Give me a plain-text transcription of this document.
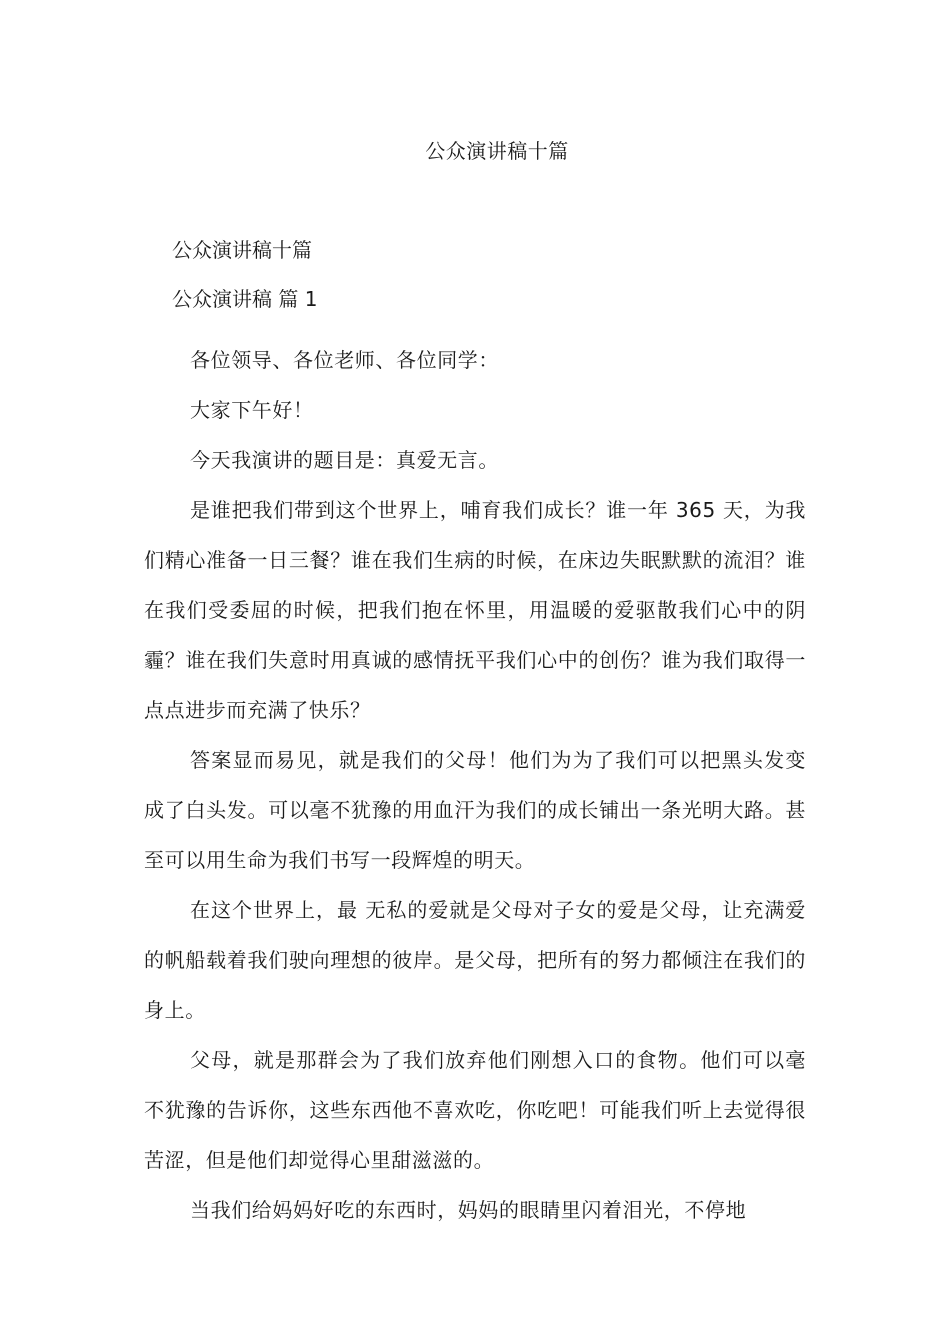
公众演讲稿十篇
公众演讲稿十篇
公众演讲稿 篇 1

各位领导、各位老师、各位同学：

大家下午好！

今天我演讲的题目是：真爱无言。

是谁把我们带到这个世界上，哺育我们成长？谁一年 365 天，为我们精心准备一日三餐？谁在我们生病的时候，在床边失眠默默的流泪？谁在我们受委屈的时候，把我们抱在怀里，用温暖的爱驱散我们心中的阴霾？谁在我们失意时用真诚的感情抚平我们心中的创伤？谁为我们取得一点点进步而充满了快乐？

答案显而易见，就是我们的父母！他们为为了我们可以把黑头发变成了白头发。可以毫不犹豫的用血汗为我们的成长铺出一条光明大路。甚至可以用生命为我们书写一段辉煌的明天。

在这个世界上，最 无私的爱就是父母对子女的爱是父母，让充满爱的帆船载着我们驶向理想的彼岸。是父母，把所有的努力都倾注在我们的身上。

父母，就是那群会为了我们放弃他们刚想入口的食物。他们可以毫不犹豫的告诉你，这些东西他不喜欢吃，你吃吧！可能我们听上去觉得很苦涩，但是他们却觉得心里甜滋滋的。

当我们给妈妈好吃的东西时，妈妈的眼睛里闪着泪光，不停地
